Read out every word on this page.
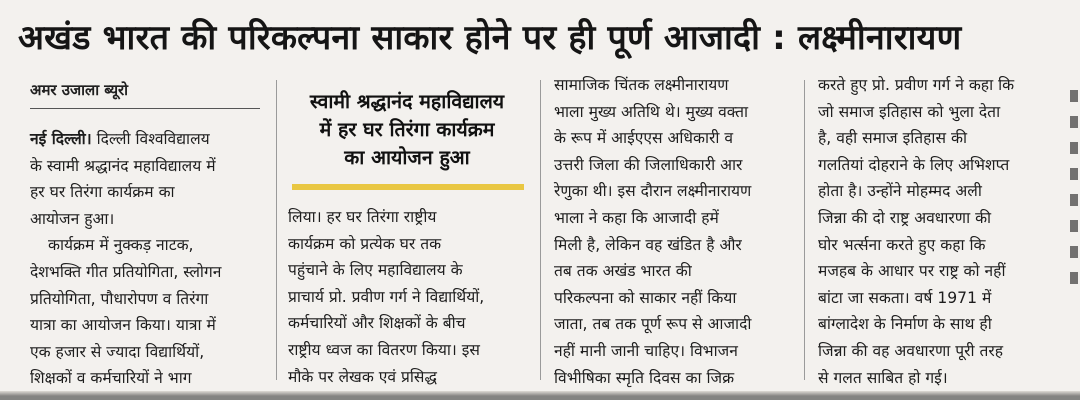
अखंड भारत की परिकल्पना साकार होने पर ही पूर्ण आजादी : लक्ष्मीनारायण
अमर उजाला ब्यूरो

नई दिल्ली। दिल्ली विश्वविद्यालय
के स्वामी श्रद्धानंद महाविद्यालय में
हर घर तिरंगा कार्यक्रम का
आयोजन हुआ।

कार्यक्रम में नुक्कड़ नाटक,
देशभक्ति गीत प्रतियोगिता, स्लोगन
प्रतियोगिता, पौधारोपण व तिरंगा
यात्रा का आयोजन किया। यात्रा में
एक हजार से ज्यादा विद्यार्थियों,
शिक्षकों व कर्मचारियों ने भाग

स्वामी श्रद्धानंद महाविद्यालय
में हर घर तिरंगा कार्यक्रम
का आयोजन हुआ
लिया। हर घर तिरंगा राष्ट्रीय
कार्यक्रम को प्रत्येक घर तक
पहुंचाने के लिए महाविद्यालय के
प्राचार्य प्रो. प्रवीण गर्ग ने विद्यार्थियों,
कर्मचारियों और शिक्षकों के बीच
राष्ट्रीय ध्वज का वितरण किया। इस
मौके पर लेखक एवं प्रसिद्ध
सामाजिक चिंतक लक्ष्मीनारायण
भाला मुख्य अतिथि थे। मुख्य वक्ता
के रूप में आईएएस अधिकारी व
उत्तरी जिला की जिलाधिकारी आर
रेणुका थी। इस दौरान लक्ष्मीनारायण
भाला ने कहा कि आजादी हमें
मिली है, लेकिन वह खंडित है और
तब तक अखंड भारत की
परिकल्पना को साकार नहीं किया
जाता, तब तक पूर्ण रूप से आजादी
नहीं मानी जानी चाहिए। विभाजन
विभीषिका स्मृति दिवस का जिक्र
करते हुए प्रो. प्रवीण गर्ग ने कहा कि
जो समाज इतिहास को भुला देता
है, वही समाज इतिहास की
गलतियां दोहराने के लिए अभिशप्त
होता है। उन्होंने मोहम्मद अली
जिन्ना की दो राष्ट्र अवधारणा की
घोर भर्त्सना करते हुए कहा कि
मजहब के आधार पर राष्ट्र को नहीं
बांटा जा सकता। वर्ष 1971 में
बांग्लादेश के निर्माण के साथ ही
जिन्ना की वह अवधारणा पूरी तरह
से गलत साबित हो गई।
